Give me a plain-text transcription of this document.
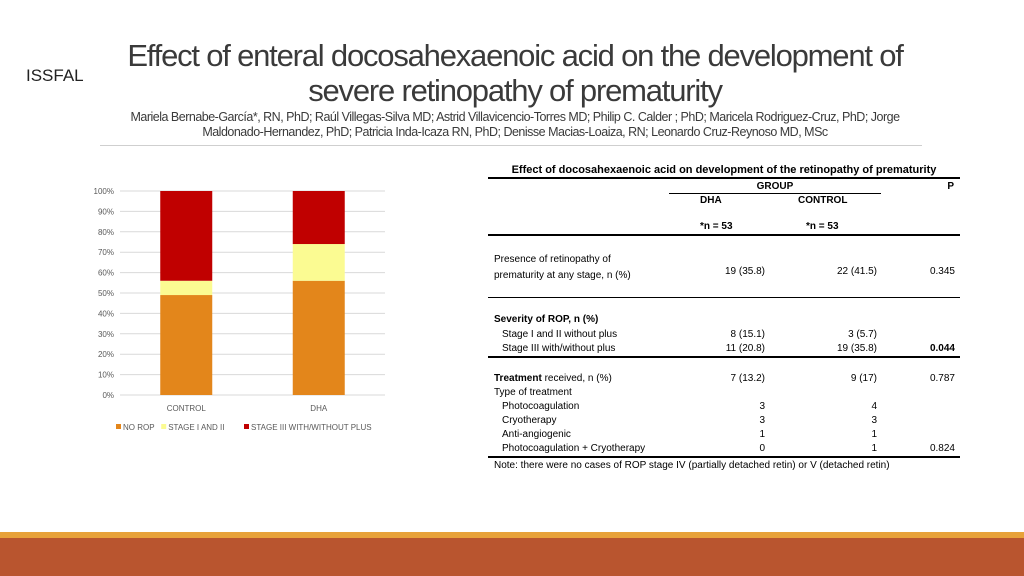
ISSFAL
Effect of enteral docosahexaenoic acid on the development of severe retinopathy of prematurity
Mariela Bernabe-García*, RN, PhD; Raúl Villegas-Silva MD; Astrid Villavicencio-Torres MD; Philip C. Calder ; PhD; Maricela Rodriguez-Cruz, PhD; Jorge Maldonado-Hernandez, PhD; Patricia Inda-Icaza RN, PhD; Denisse Macias-Loaiza, RN; Leonardo Cruz-Reynoso MD, MSc
0%
10%
20%
30%
40%
50%
60%
70%
80%
90%
100%
CONTROL	DHA
NO ROP STAGE I AND II	STAGE III WITH/WITHOUT PLUS
Effect of docosahexaenoic acid on development of the retinopathy of prematurity
GROUP	P
DHA	CONTROL
*n = 53	*n = 53
Presence of retinopathy of
prematurity at any stage, n (%)	19 (35.8)	22 (41.5)	0.345
Severity of ROP, n (%)
Stage I and II without plus	8 (15.1)	3 (5.7)
Stage III with/without plus	11 (20.8)	19 (35.8)	0.044
Treatment received, n (%)	7 (13.2)	9 (17)	0.787
Type of treatment
Photocoagulation	3	4
Cryotherapy	3	3
Anti-angiogenic	1	1
Photocoagulation + Cryotherapy	0	1	0.824
Note: there were no cases of ROP stage IV (partially detached retin) or V (detached retin)
